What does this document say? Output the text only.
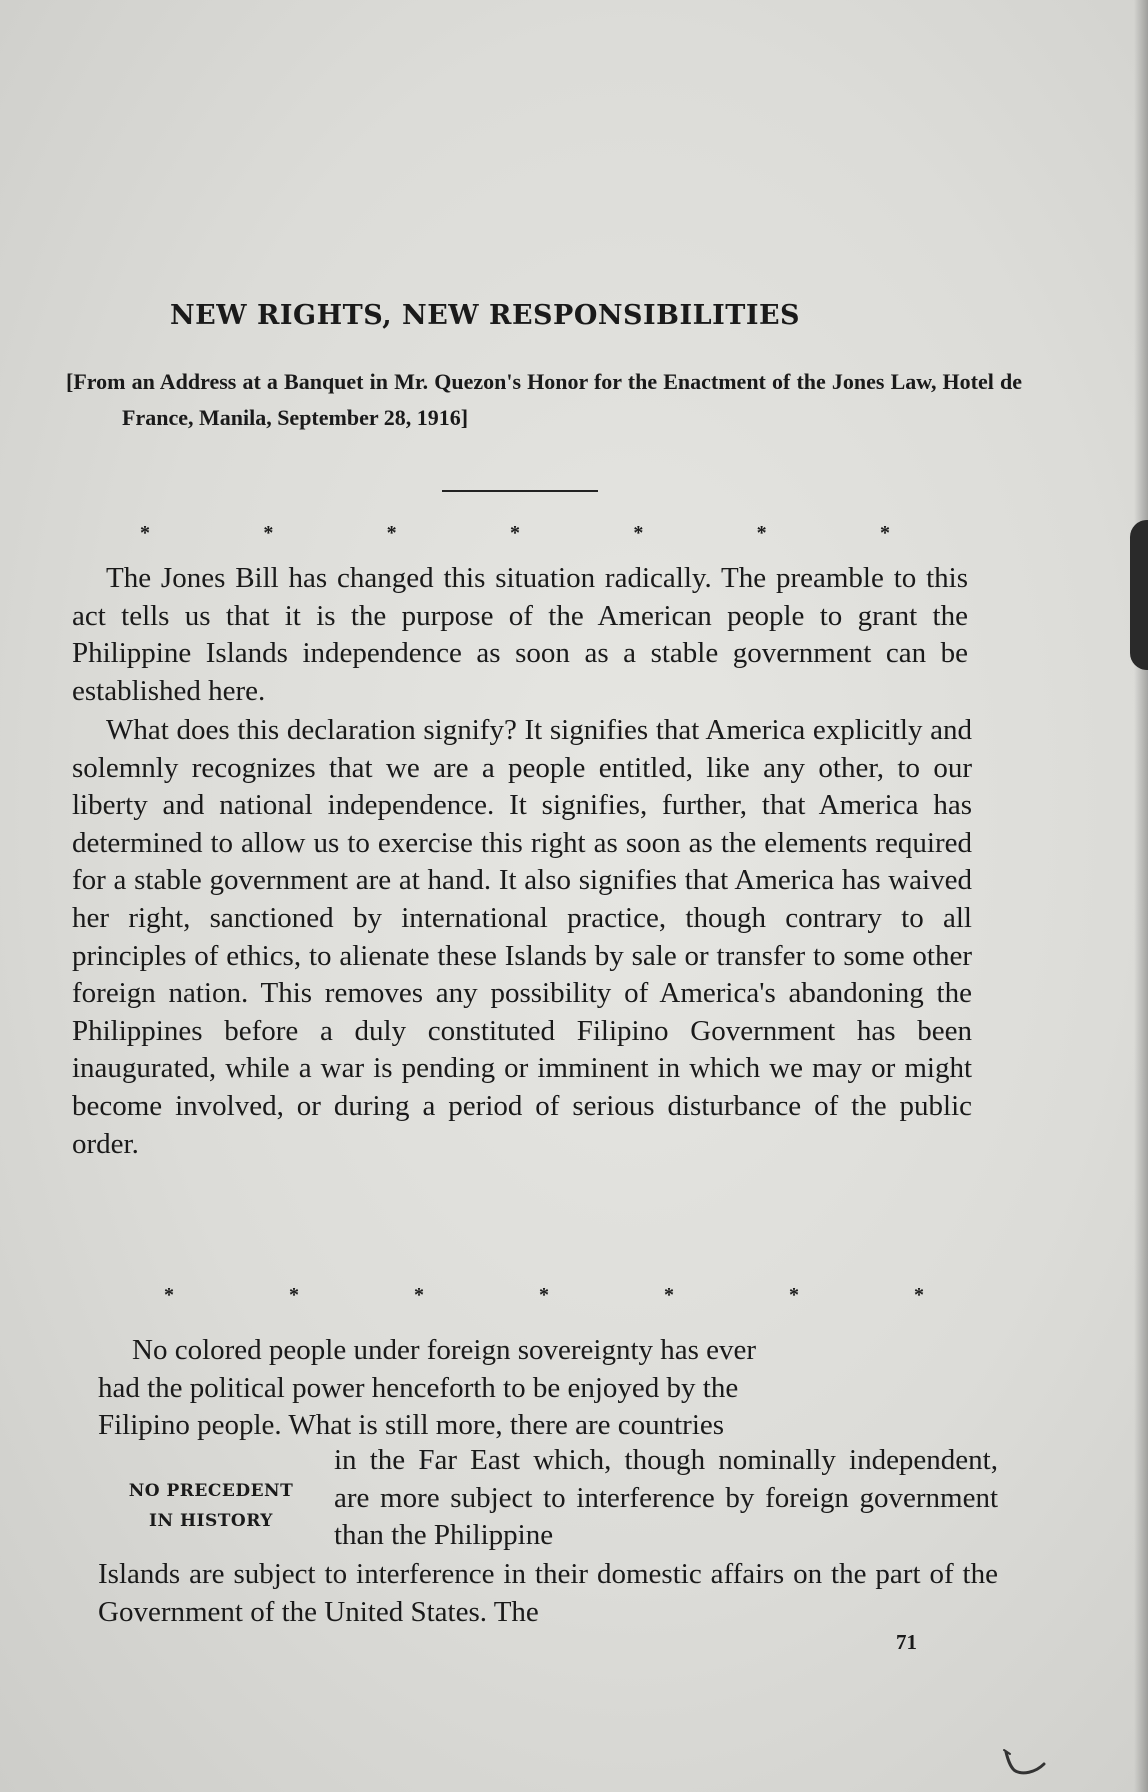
NEW RIGHTS, NEW RESPONSIBILITIES
[From an Address at a Banquet in Mr. Quezon's Honor for the Enactment of the Jones Law, Hotel de France, Manila, September 28, 1916]
*	*	*	*	*	*	*

The Jones Bill has changed this situation radically. The preamble to this act tells us that it is the purpose of the American people to grant the Philippine Islands independence as soon as a stable government can be established here.

What does this declaration signify? It signifies that America explicitly and solemnly recognizes that we are a people entitled, like any other, to our liberty and national independence. It signifies, further, that America has determined to allow us to exercise this right as soon as the elements required for a stable government are at hand. It also signifies that America has waived her right, sanctioned by international practice, though contrary to all principles of ethics, to alienate these Islands by sale or transfer to some other foreign nation. This removes any possibility of America's abandoning the Philippines before a duly constituted Filipino Government has been inaugurated, while a war is pending or imminent in which we may or might become involved, or during a period of serious disturbance of the public order.

*	*	*	*	*	*	*

No colored people under foreign sovereignty has ever
had the political power henceforth to be enjoyed by the
Filipino people. What is still more, there are countries

NO PRECEDENT
IN HISTORY
in the Far East which, though nominally independent, are more subject to interference by foreign government than the Philippine

Islands are subject to interference in their domestic affairs on the part of the Government of the United States. The

71
